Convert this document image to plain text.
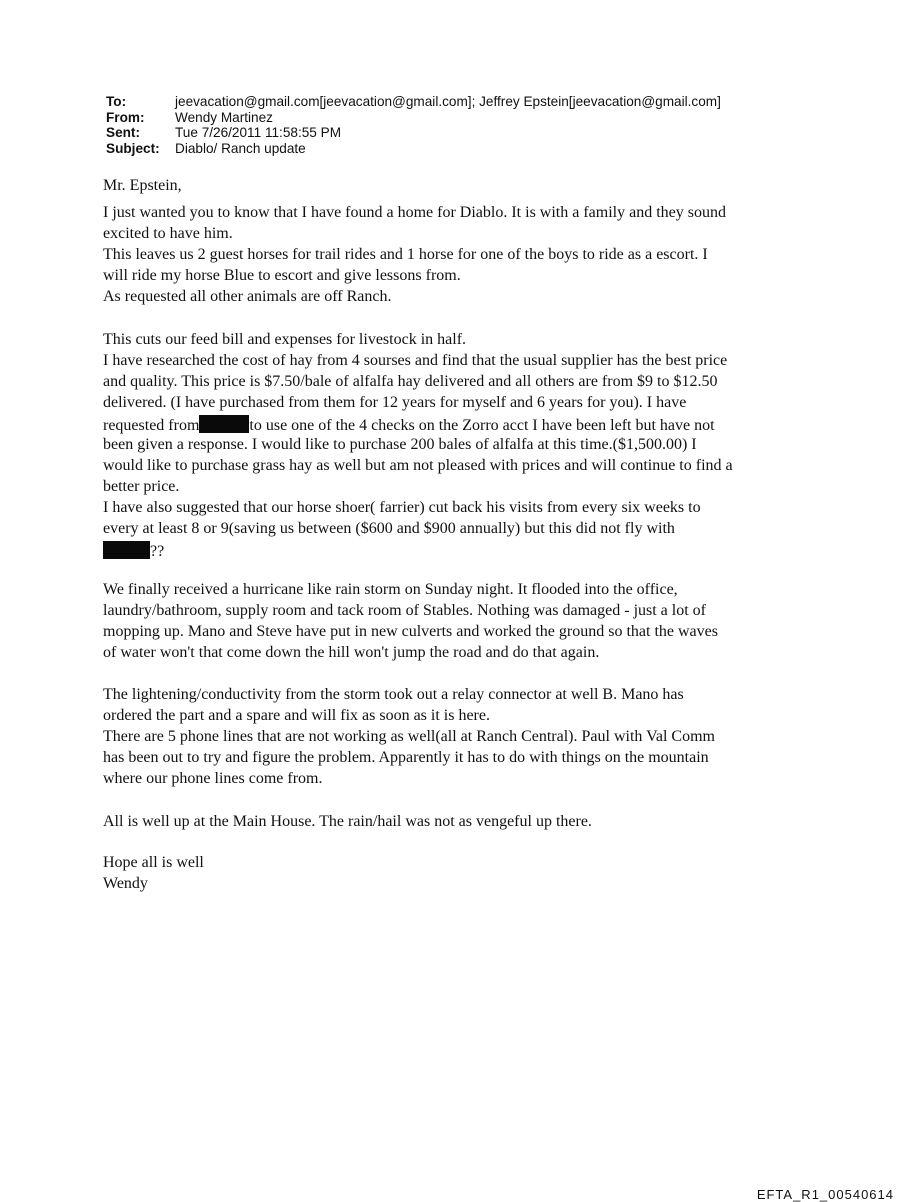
To:	jeevacation@gmail.com[jeevacation@gmail.com]; Jeffrey Epstein[jeevacation@gmail.com]
From:	Wendy Martinez
Sent:	Tue 7/26/2011 11:58:55 PM
Subject:	Diablo/ Ranch update
Mr. Epstein,
I just wanted you to know that I have found a home for Diablo. It is with a family and they sound
excited to have him.
This leaves us 2 guest horses for trail rides and 1 horse for one of the boys to ride as a escort. I
will ride my horse Blue to escort and give lessons from.
As requested all other animals are off Ranch.
This cuts our feed bill and expenses for livestock in half.
I have researched the cost of hay from 4 sourses and find that the usual supplier has the best price
and quality. This price is $7.50/bale of alfalfa hay delivered and all others are from $9 to $12.50
delivered. (I have purchased from them for 12 years for myself and 6 years for you). I have
requested from	to use one of the 4 checks on the Zorro acct I have been left but have not
been given a response. I would like to purchase 200 bales of alfalfa at this time.($1,500.00) I
would like to purchase grass hay as well but am not pleased with prices and will continue to find a
better price.
I have also suggested that our horse shoer( farrier) cut back his visits from every six weeks to
every at least 8 or 9(saving us between ($600 and $900 annually) but this did not fly with
??
We finally received a hurricane like rain storm on Sunday night. It flooded into the office,
laundry/bathroom, supply room and tack room of Stables. Nothing was damaged - just a lot of
mopping up. Mano and Steve have put in new culverts and worked the ground so that the waves
of water won't that come down the hill won't jump the road and do that again.
The lightening/conductivity from the storm took out a relay connector at well B. Mano has
ordered the part and a spare and will fix as soon as it is here.
There are 5 phone lines that are not working as well(all at Ranch Central). Paul with Val Comm
has been out to try and figure the problem. Apparently it has to do with things on the mountain
where our phone lines come from.
All is well up at the Main House. The rain/hail was not as vengeful up there.
Hope all is well
Wendy
EFTA_R1_00540614
